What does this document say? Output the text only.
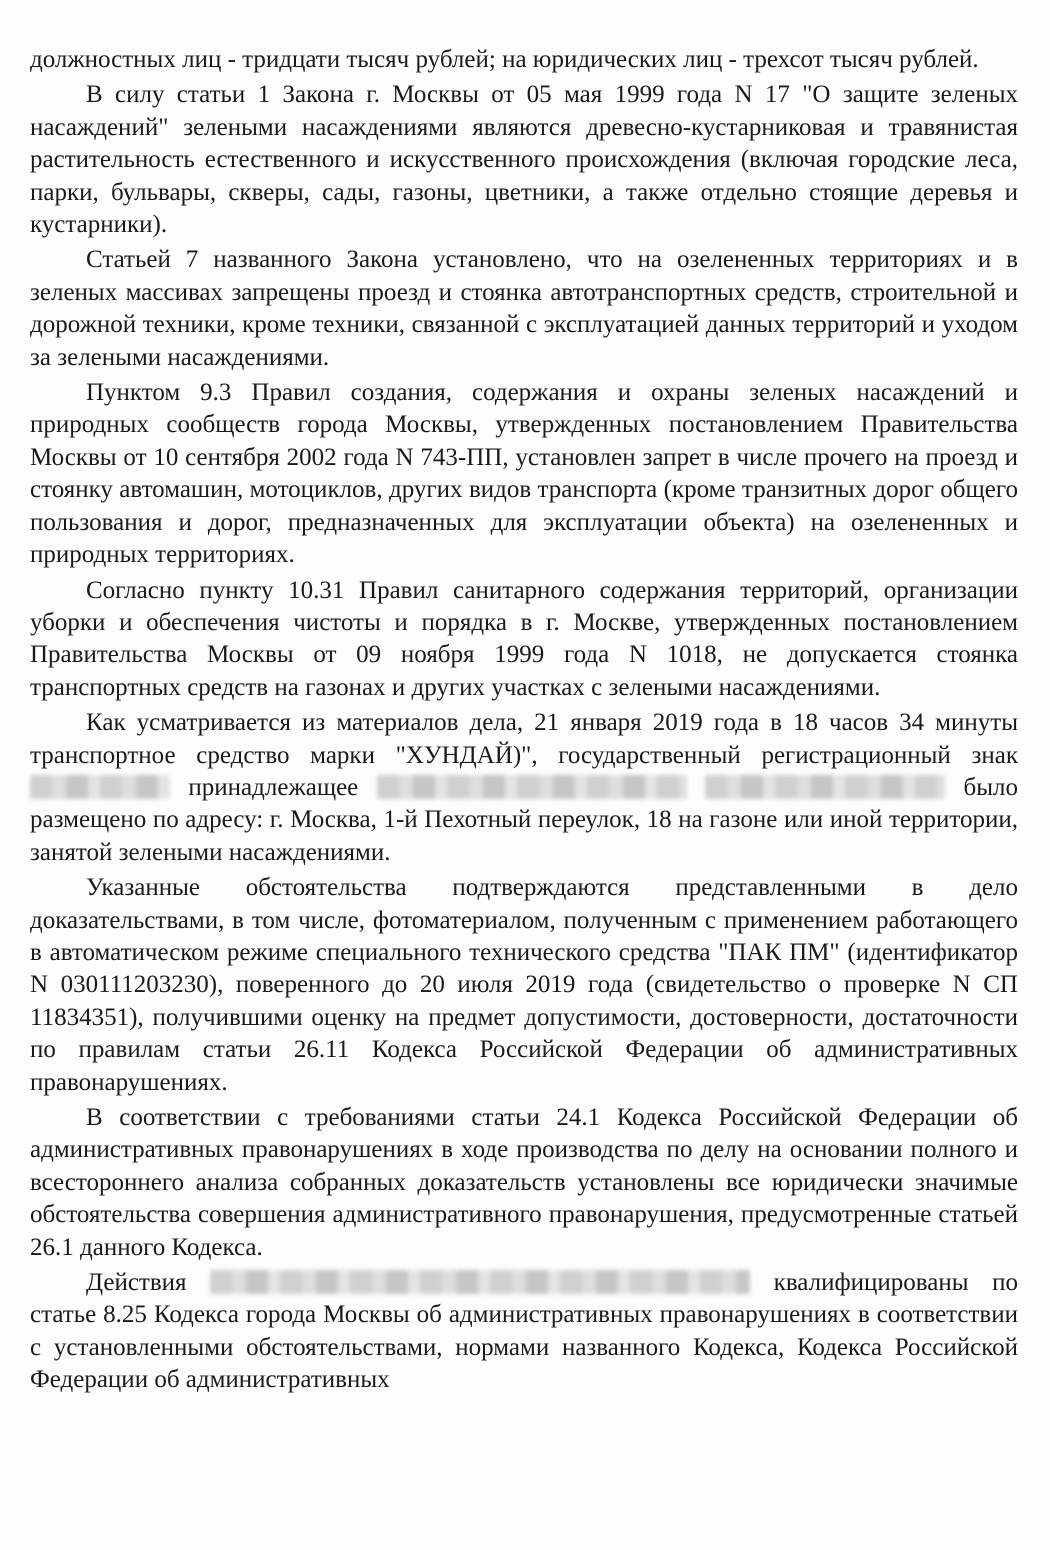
должностных лиц - тридцати тысяч рублей; на юридических лиц - трехсот тысяч рублей.

В силу статьи 1 Закона г. Москвы от 05 мая 1999 года N 17 "О защите зеленых насаждений" зелеными насаждениями являются древесно-кустарниковая и травянистая растительность естественного и искусственного происхождения (включая городские леса, парки, бульвары, скверы, сады, газоны, цветники, а также отдельно стоящие деревья и кустарники).

Статьей 7 названного Закона установлено, что на озелененных территориях и в зеленых массивах запрещены проезд и стоянка автотранспортных средств, строительной и дорожной техники, кроме техники, связанной с эксплуатацией данных территорий и уходом за зелеными насаждениями.

Пунктом 9.3 Правил создания, содержания и охраны зеленых насаждений и природных сообществ города Москвы, утвержденных постановлением Правительства Москвы от 10 сентября 2002 года N 743-ПП, установлен запрет в числе прочего на проезд и стоянку автомашин, мотоциклов, других видов транспорта (кроме транзитных дорог общего пользования и дорог, предназначенных для эксплуатации объекта) на озелененных и природных территориях.

Согласно пункту 10.31 Правил санитарного содержания территорий, организации уборки и обеспечения чистоты и порядка в г. Москве, утвержденных постановлением Правительства Москвы от 09 ноября 1999 года N 1018, не допускается стоянка транспортных средств на газонах и других участках с зелеными насаждениями.

Как усматривается из материалов дела, 21 января 2019 года в 18 часов 34 минуты транспортное средство марки "ХУНДАЙ)", государственный регистрационный знак  принадлежащее	было размещено по адресу: г. Москва, 1-й Пехотный переулок, 18 на газоне или иной территории, занятой зелеными насаждениями.

Указанные обстоятельства подтверждаются представленными в дело доказательствами, в том числе, фотоматериалом, полученным с применением работающего в автоматическом режиме специального технического средства "ПАК ПМ" (идентификатор N 030111203230), поверенного до 20 июля 2019 года (свидетельство о проверке N СП 11834351), получившими оценку на предмет допустимости, достоверности, достаточности по правилам статьи 26.11 Кодекса Российской Федерации об административных правонарушениях.

В соответствии с требованиями статьи 24.1 Кодекса Российской Федерации об административных правонарушениях в ходе производства по делу на основании полного и всестороннего анализа собранных доказательств установлены все юридически значимые обстоятельства совершения административного правонарушения, предусмотренные статьей 26.1 данного Кодекса.

Действия	квалифицированы по статье 8.25 Кодекса города Москвы об административных правонарушениях в соответствии с установленными обстоятельствами, нормами названного Кодекса, Кодекса Российской Федерации об административных
